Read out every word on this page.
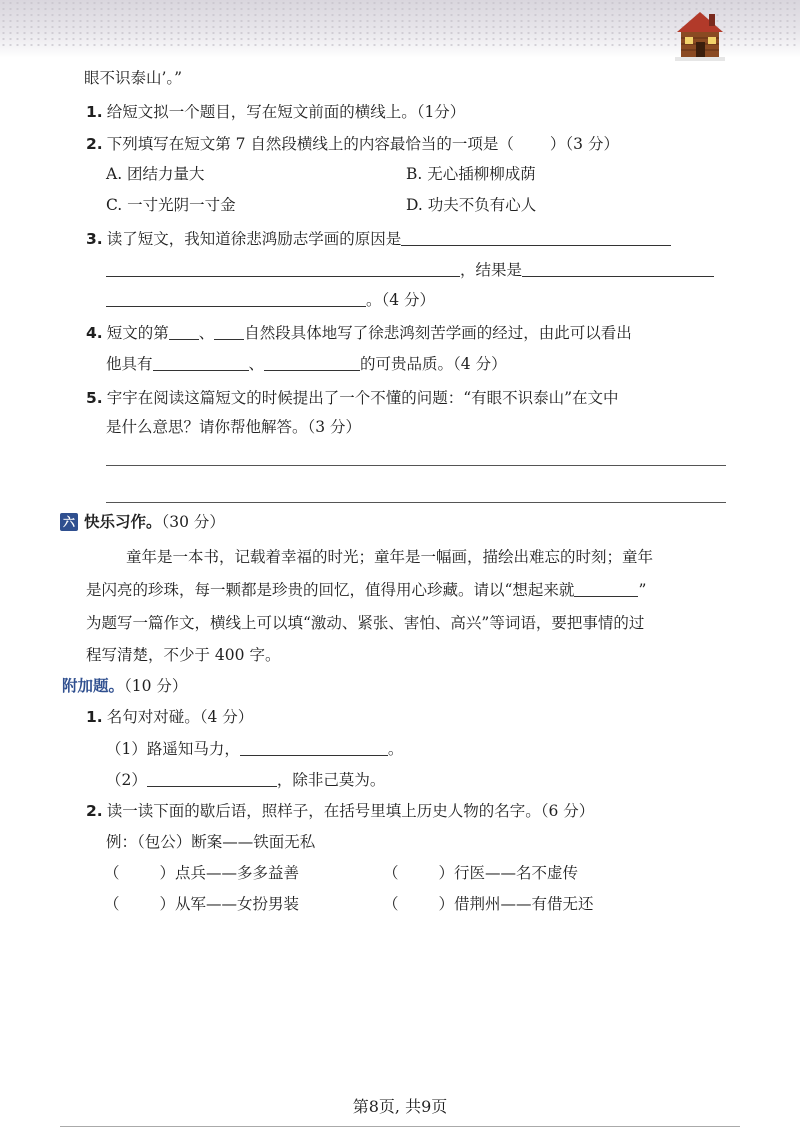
眼不识泰山’。”
1. 给短文拟一个题目，写在短文前面的横线上。（1分）
2. 下列填写在短文第 7 自然段横线上的内容最恰当的一项是（ ）（3 分）
A. 团结力量大	B. 无心插柳柳成荫
C. 一寸光阴一寸金	D. 功夫不负有心人
3. 读了短文，我知道徐悲鸿励志学画的原因是
，结果是
。（4 分）
4. 短文的第 、 自然段具体地写了徐悲鸿刻苦学画的经过，由此可以看出
他具有	、	的可贵品质。（4 分）
5. 宇宇在阅读这篇短文的时候提出了一个不懂的问题：“有眼不识泰山”在文中
是什么意思？请你帮他解答。（3 分）
六 快乐习作。（30 分）
童年是一本书，记载着幸福的时光；童年是一幅画，描绘出难忘的时刻；童年
是闪亮的珍珠，每一颗都是珍贵的回忆，值得用心珍藏。请以“想起来就	”
为题写一篇作文，横线上可以填“激动、紧张、害怕、高兴”等词语，要把事情的过
程写清楚，不少于 400 字。
附加题。（10 分）
1. 名句对对碰。（4 分）
（1）路遥知马力，	。
（2）	，除非己莫为。
2. 读一读下面的歇后语，照样子，在括号里填上历史人物的名字。（6 分）
例：（包公）断案——铁面无私
（	）点兵——多多益善	（	）行医——名不虚传
（	）从军——女扮男装	（	）借荆州——有借无还
第8页, 共9页
